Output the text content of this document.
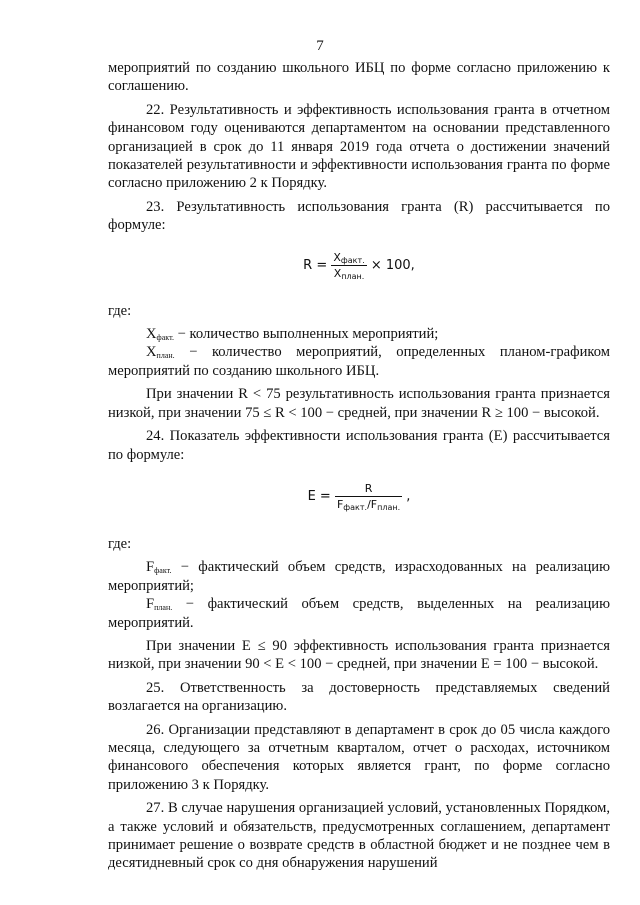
7

мероприятий по созданию школьного ИБЦ по форме согласно приложению к соглашению.

22. Результативность и эффективность использования гранта в отчетном финансовом году оцениваются департаментом на основании представленного организацией в срок до 11 января 2019 года отчета о достижении значений показателей результативности и эффективности использования гранта по форме согласно приложению 2 к Порядку.

23. Результативность использования гранта (R) рассчитывается по формуле:

$R = \frac{X_{факт.}}{X_{план.}} \times 100$,

где:

$X_{факт.}$ − количество выполненных мероприятий;

$X_{план.}$ − количество мероприятий, определенных планом-графиком мероприятий по созданию школьного ИБЦ.

При значении R < 75 результативность использования гранта признается низкой, при значении 75 ≤ R < 100 − средней, при значении R ≥ 100 − высокой.

24. Показатель эффективности использования гранта (E) рассчитывается по формуле:

$E = \frac{R}{F_{факт.}/F_{план.}}$ ,

где:

$F_{факт.}$ − фактический объем средств, израсходованных на реализацию мероприятий;

$F_{план.}$ − фактический объем средств, выделенных на реализацию мероприятий.

При значении E ≤ 90 эффективность использования гранта признается низкой, при значении 90 < E < 100 − средней, при значении E = 100 − высокой.

25. Ответственность за достоверность представляемых сведений возлагается на организацию.

26. Организации представляют в департамент в срок до 05 числа каждого месяца, следующего за отчетным кварталом, отчет о расходах, источником финансового обеспечения которых является грант, по форме согласно приложению 3 к Порядку.

27. В случае нарушения организацией условий, установленных Порядком, а также условий и обязательств, предусмотренных соглашением, департамент принимает решение о возврате средств в областной бюджет и не позднее чем в десятидневный срок со дня обнаружения нарушений
